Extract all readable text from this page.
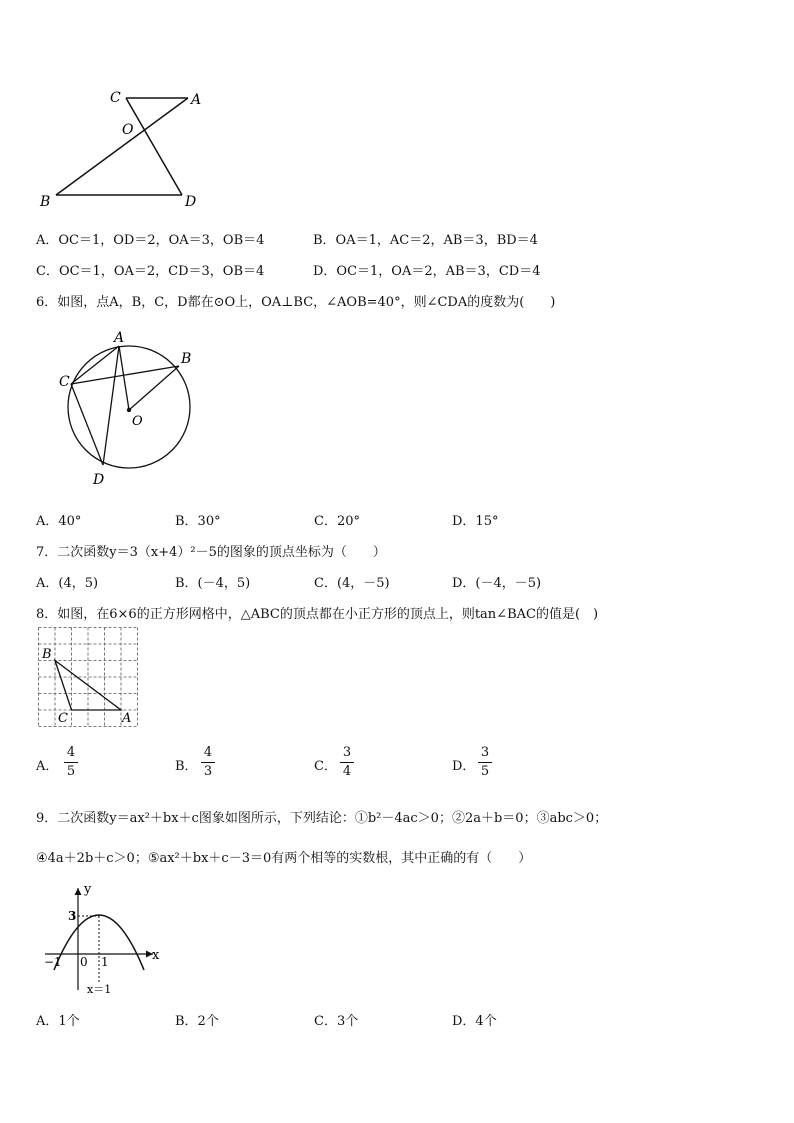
C	A
O
B	D
A．OC＝1，OD＝2，OA＝3，OB＝4	B．OA＝1，AC＝2，AB＝3，BD＝4
C．OC＝1，OA＝2，CD＝3，OB＝4	D．OC＝1，OA＝2，AB＝3，CD＝4
6．如图，点A，B，C，D都在⊙O上，OA⊥BC，∠AOB=40°，则∠CDA的度数为(　　)
A
B
C
O
D
A．40°	B．30°	C．20°	D．15°
7．二次函数y＝3（x+4）²－5的图象的顶点坐标为（　　）
A．(4，5)	B．(－4，5)	C．(4，－5)	D．(－4，－5)
8．如图，在6×6的正方形网格中，△ABC的顶点都在小正方形的顶点上，则tan∠BAC的值是(　)
B
C	A
A．
4
5	B．
4
3	C．
3
4	D．
3
5
9．二次函数y＝ax²＋bx＋c图象如图所示，下列结论：①b²－4ac＞0；②2a＋b＝0；③abc＞0；
④4a＋2b＋c＞0；⑤ax²＋bx＋c－3＝0有两个相等的实数根，其中正确的有（　　）
y
x
3
−1 0 1
x＝1
A．1个	B．2个	C．3个	D．4个
